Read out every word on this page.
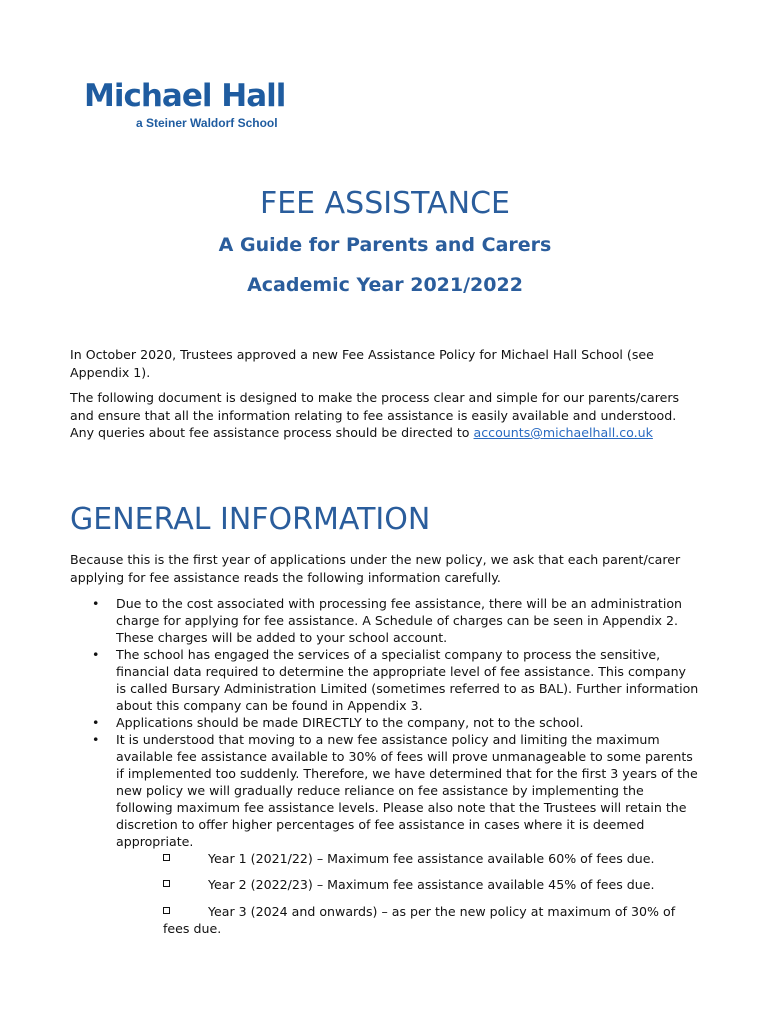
Michael Hall
a Steiner Waldorf School
FEE ASSISTANCE
A Guide for Parents and Carers
Academic Year 2021/2022

In October 2020, Trustees approved a new Fee Assistance Policy for Michael Hall School (see Appendix 1).

The following document is designed to make the process clear and simple for our parents/carers and ensure that all the information relating to fee assistance is easily available and understood. Any queries about fee assistance process should be directed to accounts@michaelhall.co.uk

GENERAL INFORMATION

Because this is the first year of applications under the new policy, we ask that each parent/carer applying for fee assistance reads the following information carefully.

• Due to the cost associated with processing fee assistance, there will be an administration charge for applying for fee assistance. A Schedule of charges can be seen in Appendix 2. These charges will be added to your school account.
• The school has engaged the services of a specialist company to process the sensitive, financial data required to determine the appropriate level of fee assistance. This company is called Bursary Administration Limited (sometimes referred to as BAL). Further information about this company can be found in Appendix 3.
• Applications should be made DIRECTLY to the company, not to the school.
• It is understood that moving to a new fee assistance policy and limiting the maximum available fee assistance available to 30% of fees will prove unmanageable to some parents if implemented too suddenly. Therefore, we have determined that for the first 3 years of the new policy we will gradually reduce reliance on fee assistance by implementing the following maximum fee assistance levels. Please also note that the Trustees will retain the discretion to offer higher percentages of fee assistance in cases where it is deemed appropriate.

Year 1 (2021/22) – Maximum fee assistance available 60% of fees due.

Year 2 (2022/23) – Maximum fee assistance available 45% of fees due.

Year 3 (2024 and onwards) – as per the new policy at maximum of 30% of fees due.
